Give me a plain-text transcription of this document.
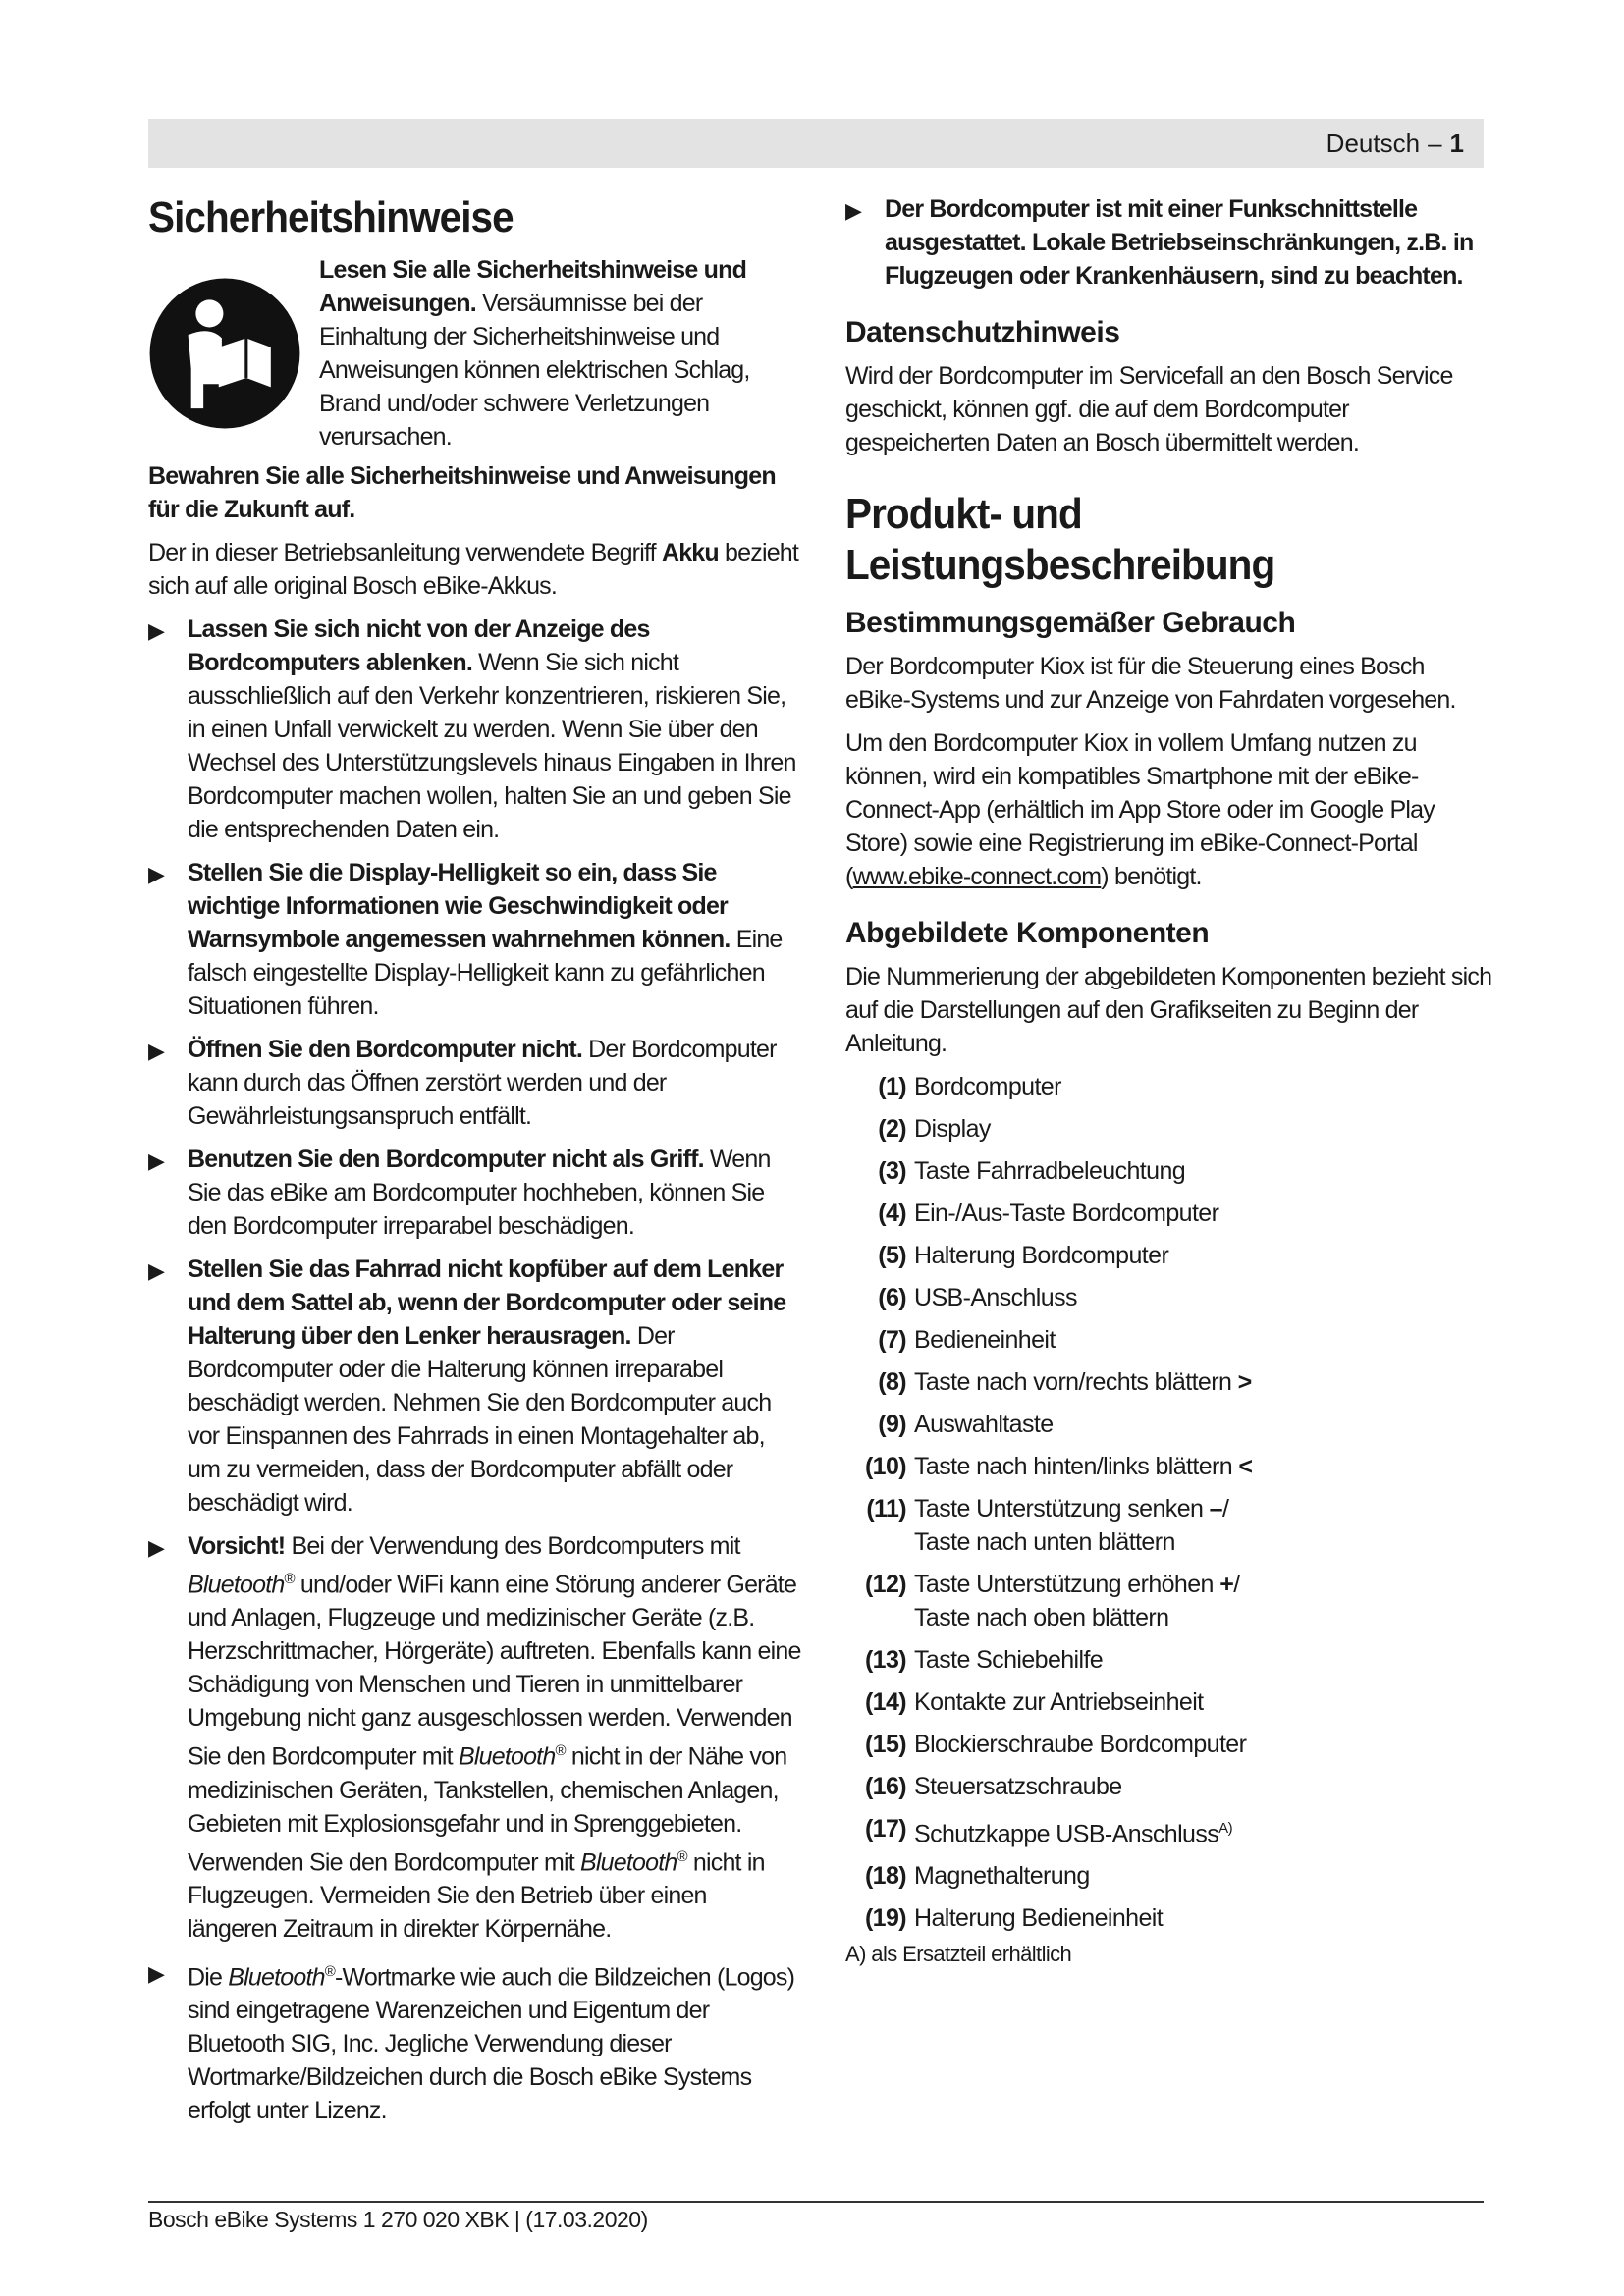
Deutsch – 1
Sicherheitshinweise
Lesen Sie alle Sicherheitshinweise und Anweisungen. Versäumnisse bei der Einhaltung der Sicherheitshinweise und Anweisungen können elektrischen Schlag, Brand und/oder schwere Verletzungen verursachen.

Bewahren Sie alle Sicherheitshinweise und Anweisungen für die Zukunft auf.

Der in dieser Betriebsanleitung verwendete Begriff Akku bezieht sich auf alle original Bosch eBike-Akkus.

▶ Lassen Sie sich nicht von der Anzeige des Bordcomputers ablenken. Wenn Sie sich nicht ausschließlich auf den Verkehr konzentrieren, riskieren Sie, in einen Unfall verwickelt zu werden. Wenn Sie über den Wechsel des Unterstützungslevels hinaus Eingaben in Ihren Bordcomputer machen wollen, halten Sie an und geben Sie die entsprechenden Daten ein.
▶ Stellen Sie die Display-Helligkeit so ein, dass Sie wichtige Informationen wie Geschwindigkeit oder Warnsymbole angemessen wahrnehmen können. Eine falsch eingestellte Display-Helligkeit kann zu gefährlichen Situationen führen.
▶ Öffnen Sie den Bordcomputer nicht. Der Bordcomputer kann durch das Öffnen zerstört werden und der Gewährleistungsanspruch entfällt.
▶ Benutzen Sie den Bordcomputer nicht als Griff. Wenn Sie das eBike am Bordcomputer hochheben, können Sie den Bordcomputer irreparabel beschädigen.
▶ Stellen Sie das Fahrrad nicht kopfüber auf dem Lenker und dem Sattel ab, wenn der Bordcomputer oder seine Halterung über den Lenker herausragen. Der Bordcomputer oder die Halterung können irreparabel beschädigt werden. Nehmen Sie den Bordcomputer auch vor Einspannen des Fahrrads in einen Montagehalter ab, um zu vermeiden, dass der Bordcomputer abfällt oder beschädigt wird.
▶ Vorsicht! Bei der Verwendung des Bordcomputers mit Bluetooth® und/oder WiFi kann eine Störung anderer Geräte und Anlagen, Flugzeuge und medizinischer Geräte (z.B. Herzschrittmacher, Hörgeräte) auftreten. Ebenfalls kann eine Schädigung von Menschen und Tieren in unmittelbarer Umgebung nicht ganz ausgeschlossen werden. Verwenden Sie den Bordcomputer mit Bluetooth® nicht in der Nähe von medizinischen Geräten, Tankstellen, chemischen Anlagen, Gebieten mit Explosionsgefahr und in Sprenggebieten. Verwenden Sie den Bordcomputer mit Bluetooth® nicht in Flugzeugen. Vermeiden Sie den Betrieb über einen längeren Zeitraum in direkter Körpernähe.
▶ Die Bluetooth®-Wortmarke wie auch die Bildzeichen (Logos) sind eingetragene Warenzeichen und Eigentum der Bluetooth SIG, Inc. Jegliche Verwendung dieser Wortmarke/Bildzeichen durch die Bosch eBike Systems erfolgt unter Lizenz.
▶ Der Bordcomputer ist mit einer Funkschnittstelle ausgestattet. Lokale Betriebseinschränkungen, z.B. in Flugzeugen oder Krankenhäusern, sind zu beachten.
Datenschutzhinweis

Wird der Bordcomputer im Servicefall an den Bosch Service geschickt, können ggf. die auf dem Bordcomputer gespeicherten Daten an Bosch übermittelt werden.

Produkt- und
Leistungsbeschreibung
Bestimmungsgemäßer Gebrauch

Der Bordcomputer Kiox ist für die Steuerung eines Bosch eBike-Systems und zur Anzeige von Fahrdaten vorgesehen.

Um den Bordcomputer Kiox in vollem Umfang nutzen zu können, wird ein kompatibles Smartphone mit der eBike-Connect-App (erhältlich im App Store oder im Google Play Store) sowie eine Registrierung im eBike-Connect-Portal (www.ebike-connect.com) benötigt.

Abgebildete Komponenten

Die Nummerierung der abgebildeten Komponenten bezieht sich auf die Darstellungen auf den Grafikseiten zu Beginn der Anleitung.

(1) Bordcomputer
(2) Display
(3) Taste Fahrradbeleuchtung
(4) Ein-/Aus-Taste Bordcomputer
(5) Halterung Bordcomputer
(6) USB-Anschluss
(7) Bedieneinheit
(8) Taste nach vorn/rechts blättern >
(9) Auswahltaste
(10) Taste nach hinten/links blättern <
(11) Taste Unterstützung senken –/
Taste nach unten blättern
(12) Taste Unterstützung erhöhen +/
Taste nach oben blättern
(13) Taste Schiebehilfe
(14) Kontakte zur Antriebseinheit
(15) Blockierschraube Bordcomputer
(16) Steuersatzschraube
(17) Schutzkappe USB-Anschluss$^{A)}$
(18) Magnethalterung
(19) Halterung Bedieneinheit
A) als Ersatzteil erhältlich
Bosch eBike Systems 1 270 020 XBK | (17.03.2020)
